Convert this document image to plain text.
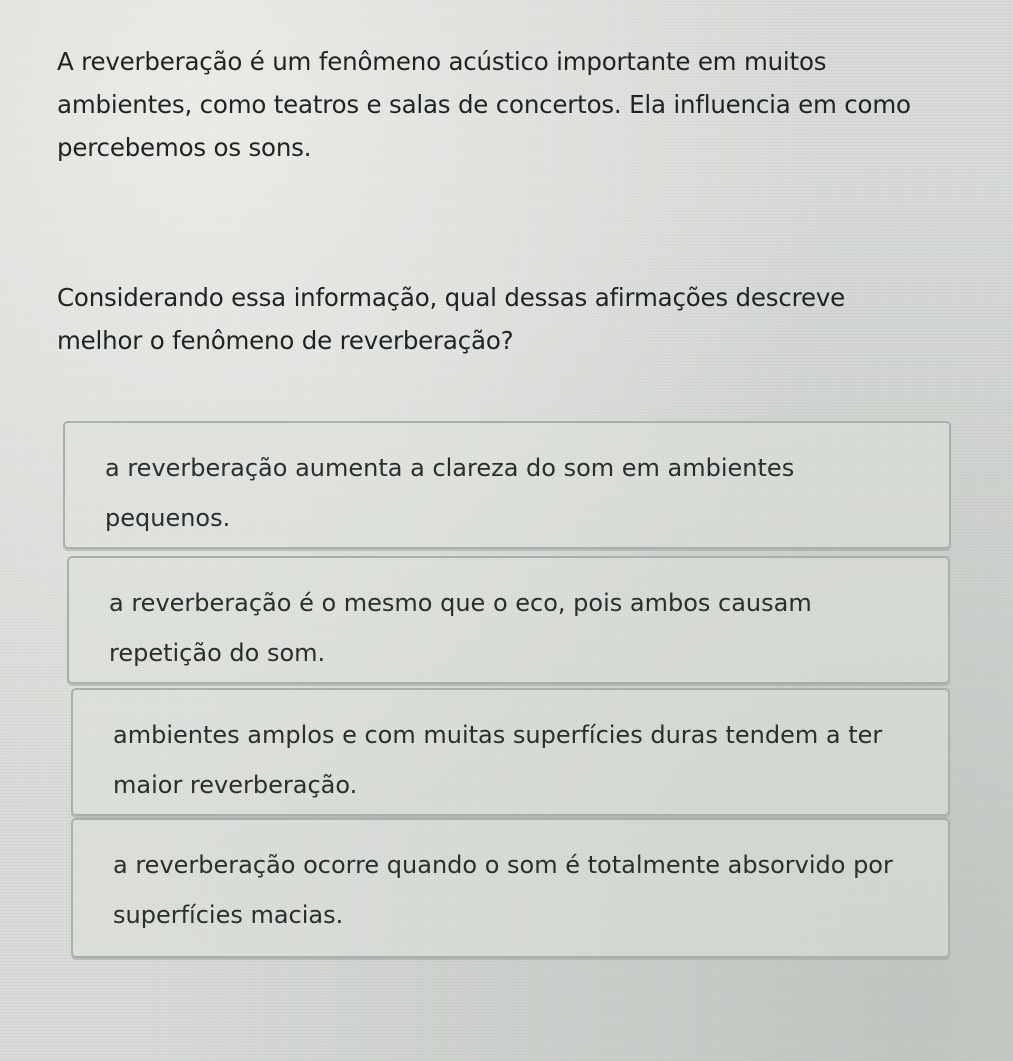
A reverberação é um fenômeno acústico importante em muitos ambientes, como teatros e salas de concertos. Ela influencia em como percebemos os sons.
Considerando essa informação, qual dessas afirmações descreve melhor o fenômeno de reverberação?
a reverberação aumenta a clareza do som em ambientes pequenos.
a reverberação é o mesmo que o eco, pois ambos causam repetição do som.
ambientes amplos e com muitas superfícies duras tendem a ter maior reverberação.
a reverberação ocorre quando o som é totalmente absorvido por superfícies macias.
